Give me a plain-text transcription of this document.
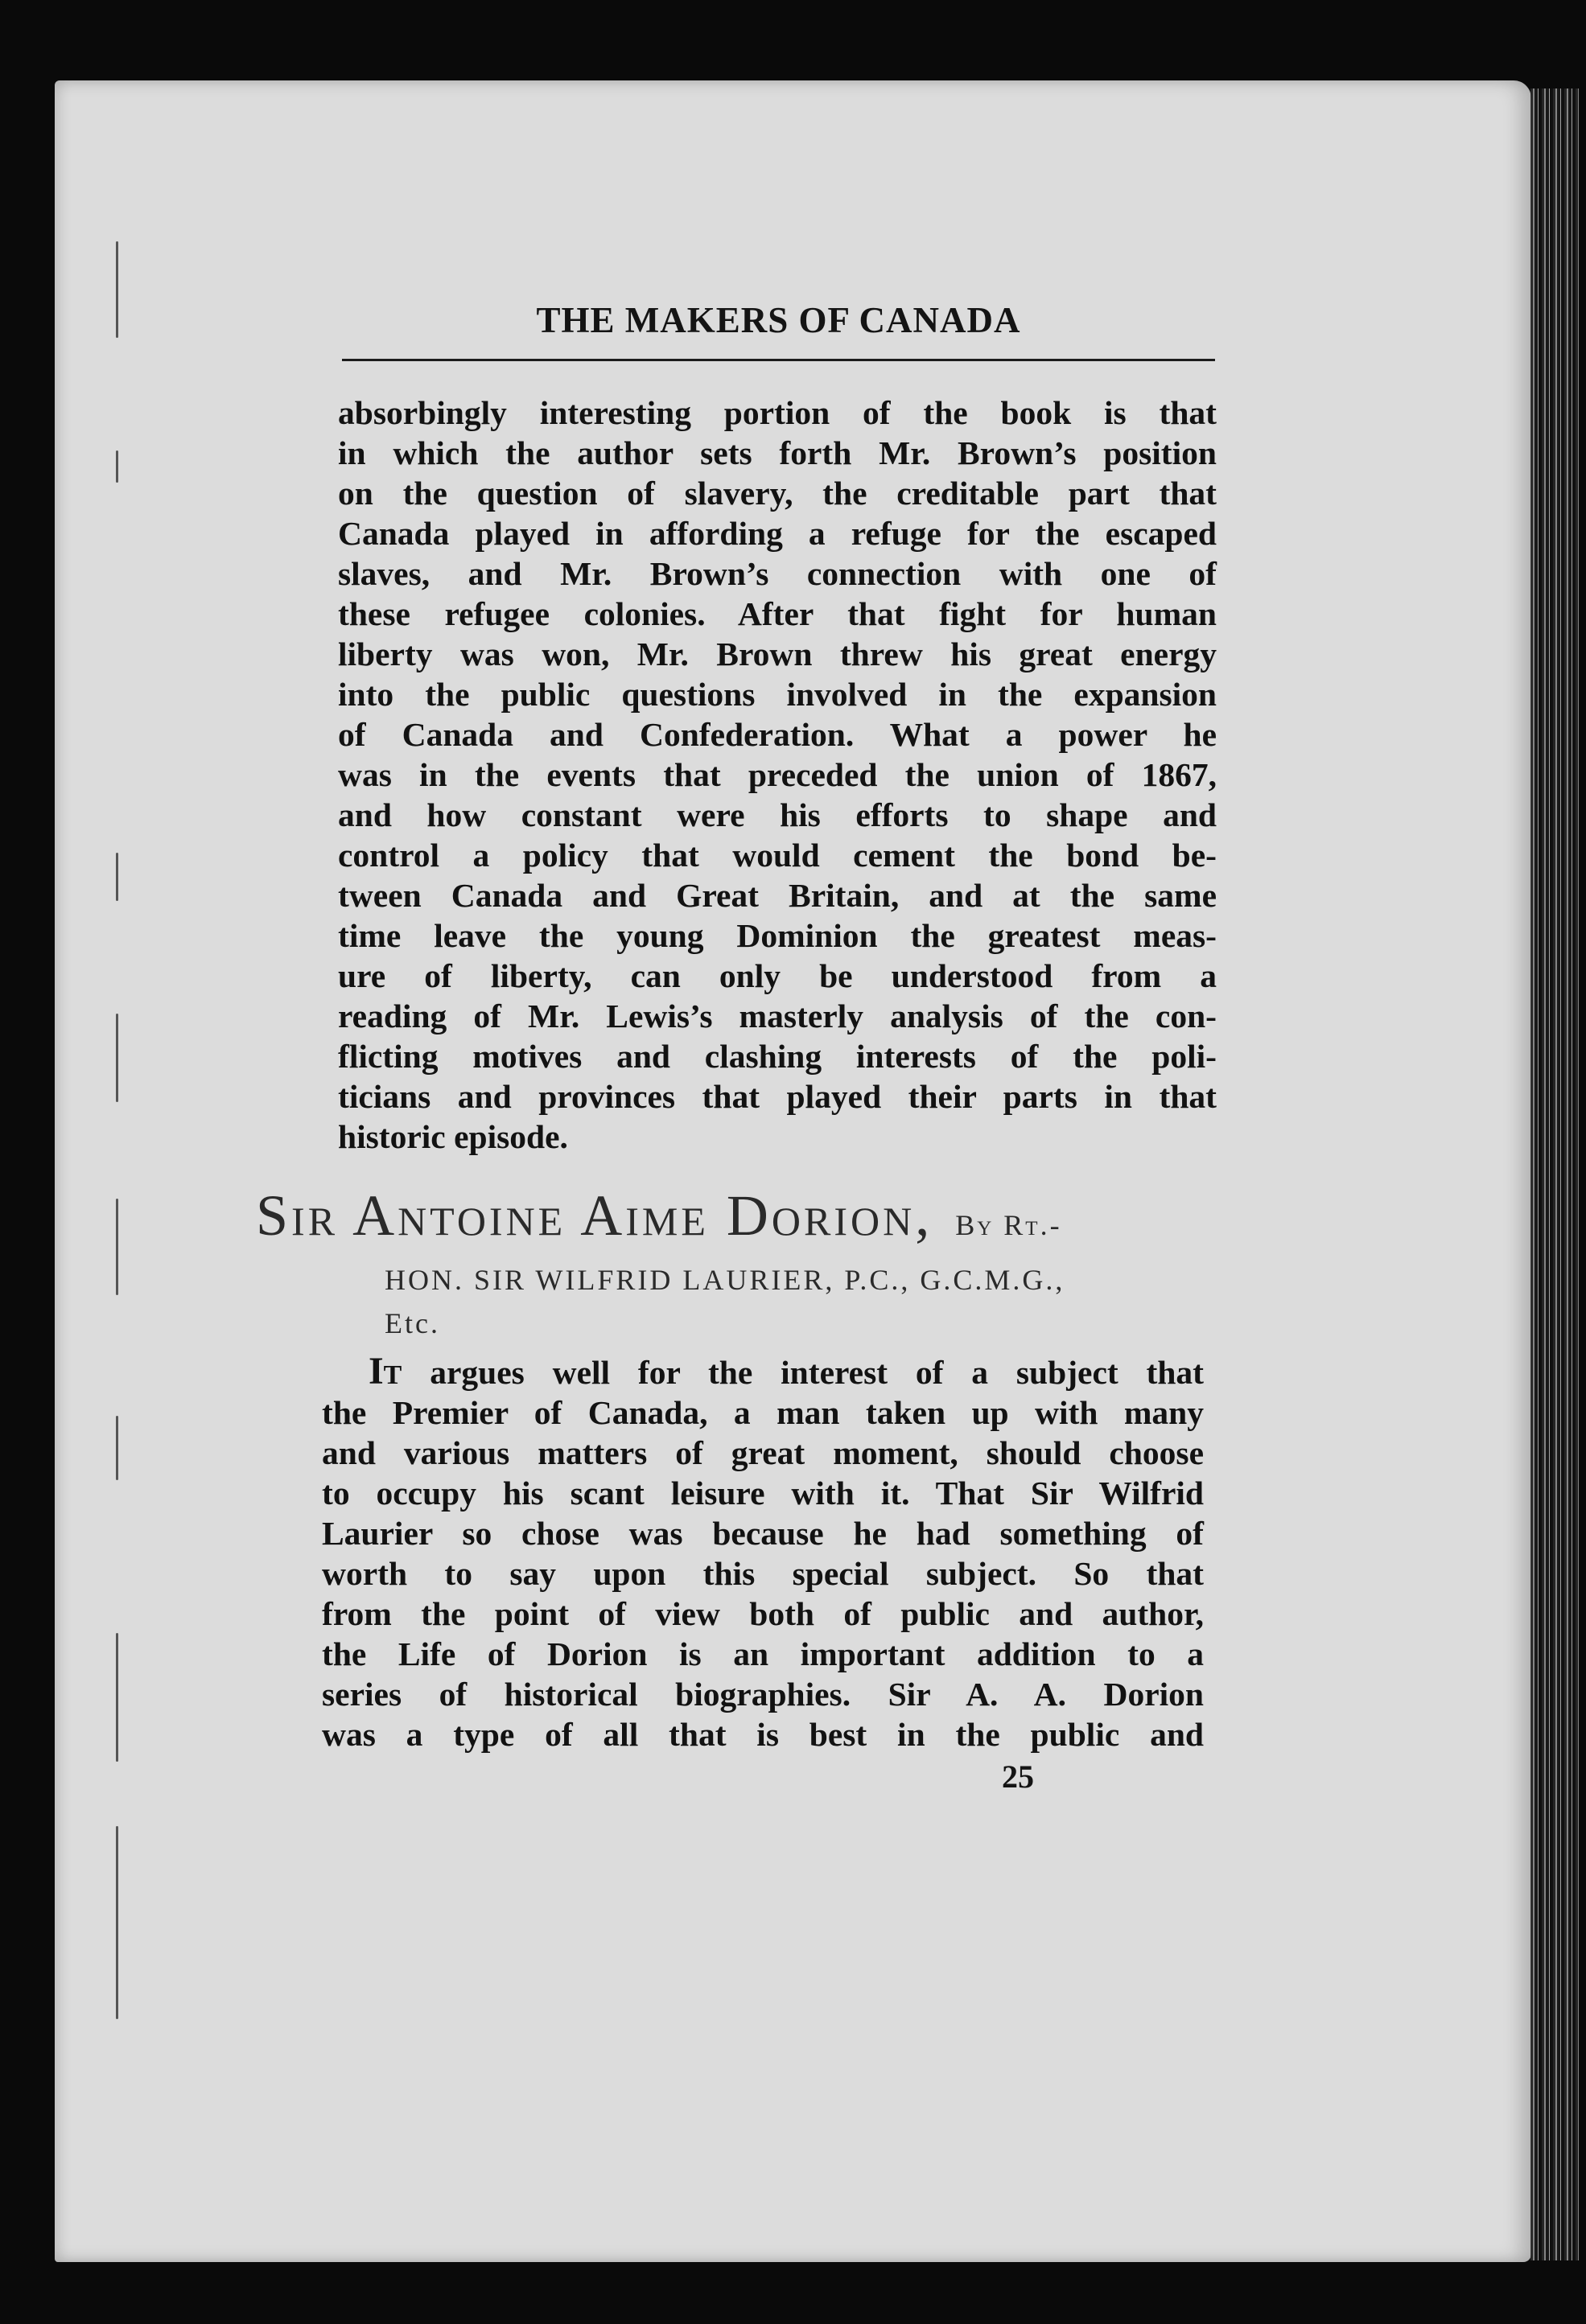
THE MAKERS OF CANADA
absorbingly interesting portion of the book is that
in which the author sets forth Mr. Brown’s position
on the question of slavery, the creditable part that
Canada played in affording a refuge for the escaped
slaves, and Mr. Brown’s connection with one of
these refugee colonies. After that fight for human
liberty was won, Mr. Brown threw his great energy
into the public questions involved in the expansion
of Canada and Confederation. What a power he
was in the events that preceded the union of 1867,
and how constant were his efforts to shape and
control a policy that would cement the bond be-
tween Canada and Great Britain, and at the same
time leave the young Dominion the greatest meas-
ure of liberty, can only be understood from a
reading of Mr. Lewis’s masterly analysis of the con-
flicting motives and clashing interests of the poli-
ticians and provinces that played their parts in that
historic episode.
Sir Antoine Aime Dorion, By Rt.-
HON. SIR WILFRID LAURIER, P.C., G.C.M.G.,
Etc.
It argues well for the interest of a subject that
the Premier of Canada, a man taken up with many
and various matters of great moment, should choose
to occupy his scant leisure with it. That Sir Wilfrid
Laurier so chose was because he had something of
worth to say upon this special subject. So that
from the point of view both of public and author,
the Life of Dorion is an important addition to a
series of historical biographies. Sir A. A. Dorion
was a type of all that is best in the public and
25
